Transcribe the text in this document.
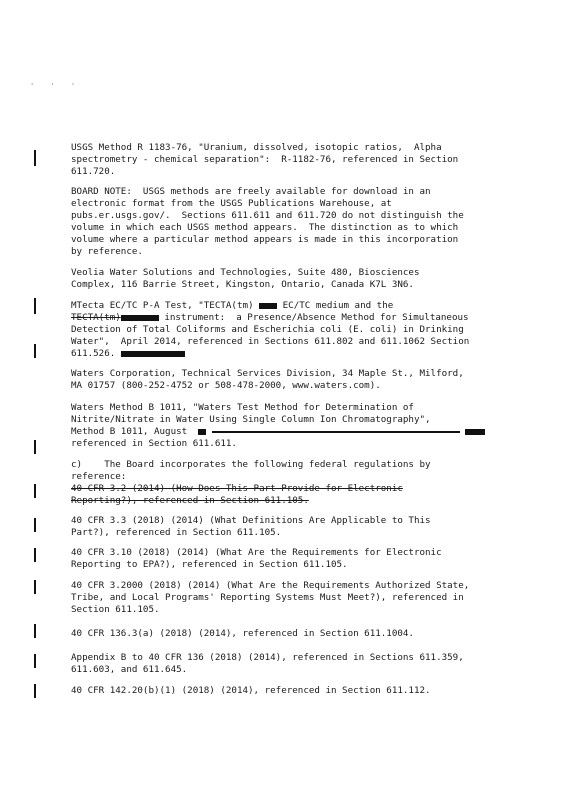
' ' '
USGS Method R 1183-76, "Uranium, dissolved, isotopic ratios,  Alpha
spectrometry - chemical separation":  R-1182-76, referenced in Section
611.720.
BOARD NOTE:  USGS methods are freely available for download in an
electronic format from the USGS Publications Warehouse, at
pubs.er.usgs.gov/.  Sections 611.611 and 611.720 do not distinguish the
volume in which each USGS method appears.  The distinction as to which
volume where a particular method appears is made in this incorporation
by reference.
Veolia Water Solutions and Technologies, Suite 480, Biosciences
Complex, 116 Barrie Street, Kingston, Ontario, Canada K7L 3N6.
MTecta EC/TC P-A Test, "TECTA(tm)	EC/TC medium and the
TECTA(tm)	instrument:  a Presence/Absence Method for Simultaneous
Detection of Total Coliforms and Escherichia coli (E. coli) in Drinking
Water",  April 2014, referenced in Sections 611.802 and 611.1062 Section
611.526.
Waters Corporation, Technical Services Division, 34 Maple St., Milford,
MA 01757 (800-252-4752 or 508-478-2000, www.waters.com).
Waters Method B 1011, "Waters Test Method for Determination of
Nitrite/Nitrate in Water Using Single Column Ion Chromatography",
Method B 1011, August
referenced in Section 611.611.
c)    The Board incorporates the following federal regulations by
reference:
40 CFR 3.2 (2014) (How Does This Part Provide for Electronic
Reporting?), referenced in Section 611.105.
40 CFR 3.3 (2018) (2014) (What Definitions Are Applicable to This
Part?), referenced in Section 611.105.
40 CFR 3.10 (2018) (2014) (What Are the Requirements for Electronic
Reporting to EPA?), referenced in Section 611.105.
40 CFR 3.2000 (2018) (2014) (What Are the Requirements Authorized State,
Tribe, and Local Programs' Reporting Systems Must Meet?), referenced in
Section 611.105.
40 CFR 136.3(a) (2018) (2014), referenced in Section 611.1004.
Appendix B to 40 CFR 136 (2018) (2014), referenced in Sections 611.359,
611.603, and 611.645.
40 CFR 142.20(b)(1) (2018) (2014), referenced in Section 611.112.
